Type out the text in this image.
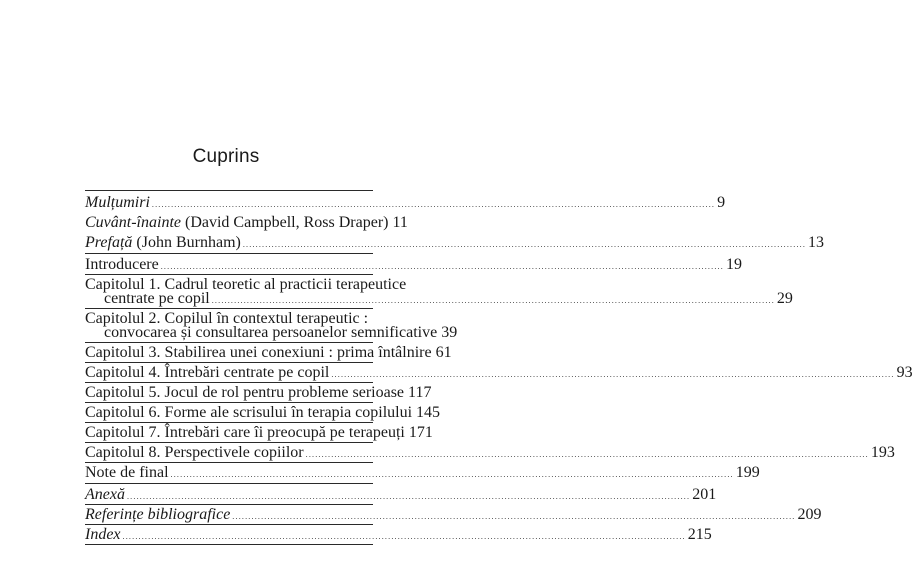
Cuprins
Mulțumiri .....	9
Cuvânt-înainte (David Campbell, Ross Draper) 11
Prefață (John Burnham) .....	13
Introducere .....	19
Capitolul 1. Cadrul teoretic al practicii terapeutice
centrate pe copil .....	29
Capitolul 2. Copilul în contextul terapeutic :
convocarea și consultarea persoanelor semnificative 39
Capitolul 3. Stabilirea unei conexiuni : prima întâlnire 61
Capitolul 4. Întrebări centrate pe copil .....	93
Capitolul 5. Jocul de rol pentru probleme serioase 117
Capitolul 6. Forme ale scrisului în terapia copilului 145
Capitolul 7. Întrebări care îi preocupă pe terapeuți 171
Capitolul 8. Perspectivele copiilor .....	193
Note de final .....	199
Anexă .....	201
Referințe bibliografice .....	209
Index .....	215
